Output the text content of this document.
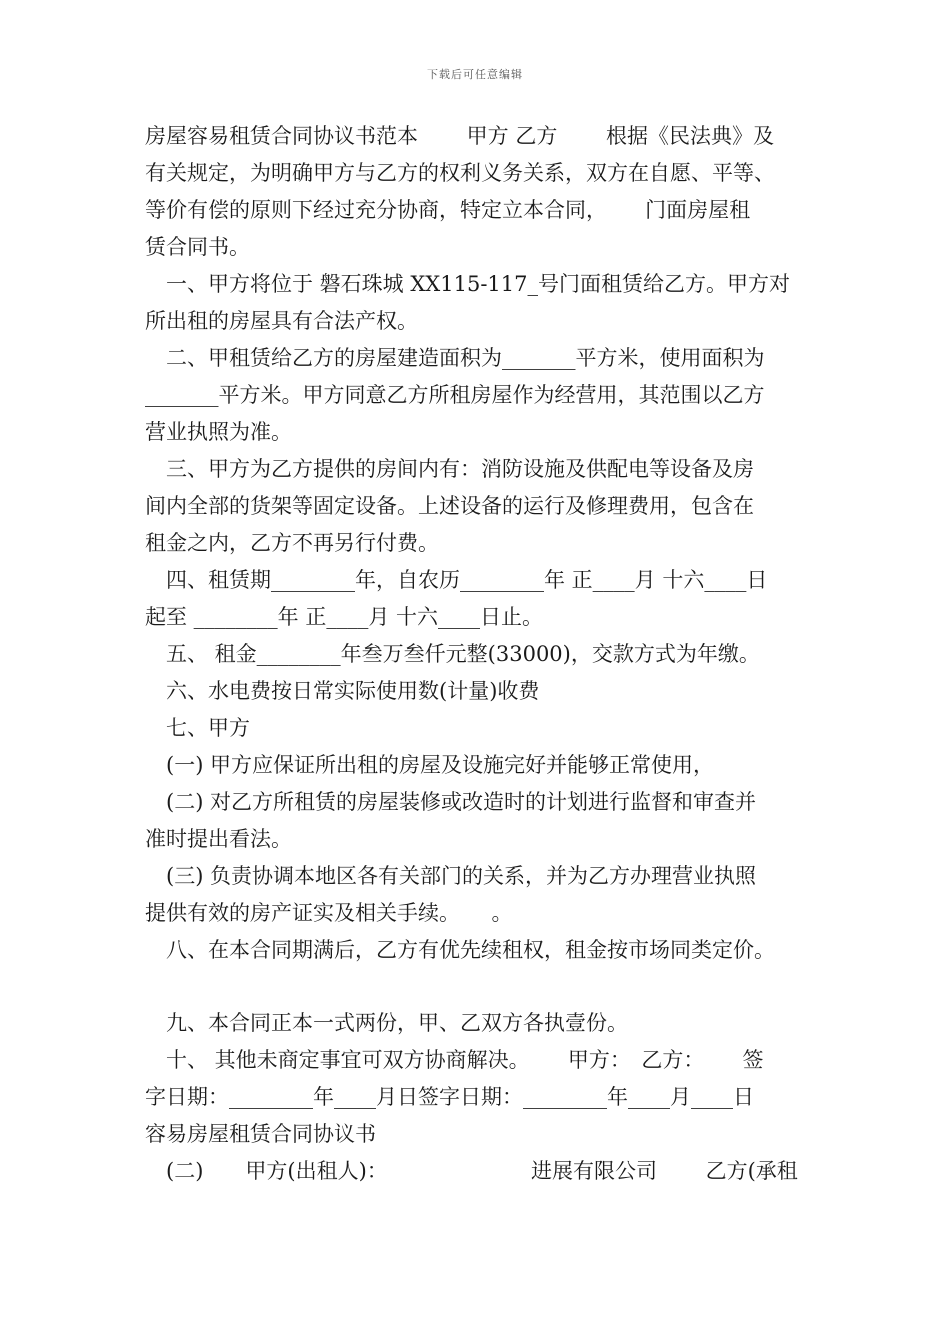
下载后可任意编辑
房屋容易租赁合同协议书范本　　 甲方 乙方　　 根据《民法典》及
有关规定，为明确甲方与乙方的权利义务关系，双方在自愿、平等、
等价有偿的原则下经过充分协商，特定立本合同，　　 门面房屋租
赁合同书。
　一、甲方将位于 磐石珠城 XX115-117_号门面租赁给乙方。甲方对
所出租的房屋具有合法产权。
　二、甲租赁给乙方的房屋建造面积为_______平方米，使用面积为
_______平方米。甲方同意乙方所租房屋作为经营用，其范围以乙方
营业执照为准。
　三、甲方为乙方提供的房间内有：消防设施及供配电等设备及房
间内全部的货架等固定设备。上述设备的运行及修理费用，包含在
租金之内，乙方不再另行付费。
　四、租赁期________年，自农历________年 正____月 十六____日
起至 ________年 正____月 十六____日止。
　五、 租金________年叁万叁仟元整(33000)，交款方式为年缴。
　六、水电费按日常实际使用数(计量)收费
　七、甲方
　(一) 甲方应保证所出租的房屋及设施完好并能够正常使用，
　(二) 对乙方所租赁的房屋装修或改造时的计划进行监督和审查并
准时提出看法。
　(三) 负责协调本地区各有关部门的关系，并为乙方办理营业执照
提供有效的房产证实及相关手续。　　。
　八、在本合同期满后，乙方有优先续租权，租金按市场同类定价。
　九、本合同正本一式两份，甲、乙双方各执壹份。
　十、 其他未商定事宜可双方协商解决。　　 甲方：　乙方：　　 签
字日期：________年____月日签字日期：________年____月____日
容易房屋租赁合同协议书
　(二)　　甲方(出租人)：　　　　　　　 进展有限公司　　 乙方(承租
